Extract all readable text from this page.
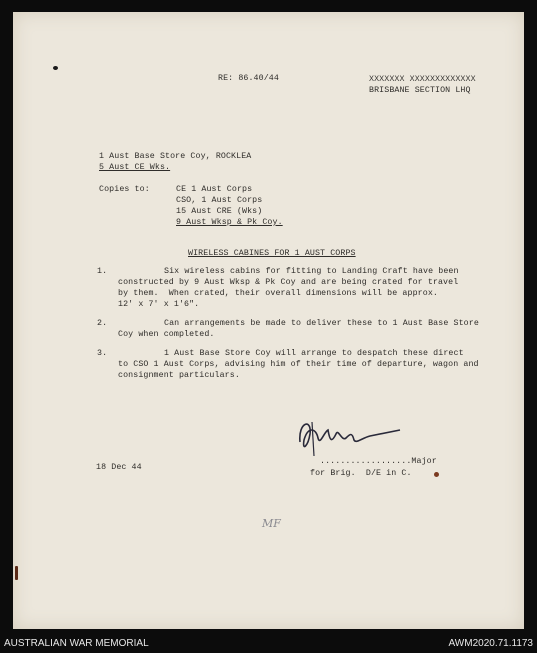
RE: 86.40/44	XXXXXXX XXXXXXXXXXXXX
BRISBANE SECTION LHQ
1 Aust Base Store Coy, ROCKLEA
5 Aust CE Wks.
Copies to:	CE 1 Aust Corps
CSO, 1 Aust Corps
15 Aust CRE (Wks)
9 Aust Wksp & Pk Coy.
WIRELESS CABINES FOR 1 AUST CORPS
1.	Six wireless cabins for fitting to Landing Craft have been
constructed by 9 Aust Wksp & Pk Coy and are being crated for travel
by them.  When crated, their overall dimensions will be approx.
12' x 7' x 1'6".
2.	Can arrangements be made to deliver these to 1 Aust Base Store
Coy when completed.
3.	1 Aust Base Store Coy will arrange to despatch these direct
to CSO 1 Aust Corps, advising him of their time of departure, wagon and
consignment particulars.
..................Major
18 Dec 44
for Brig.  D/E in C.
MF
AUSTRALIAN WAR MEMORIAL	AWM2020.71.1173
